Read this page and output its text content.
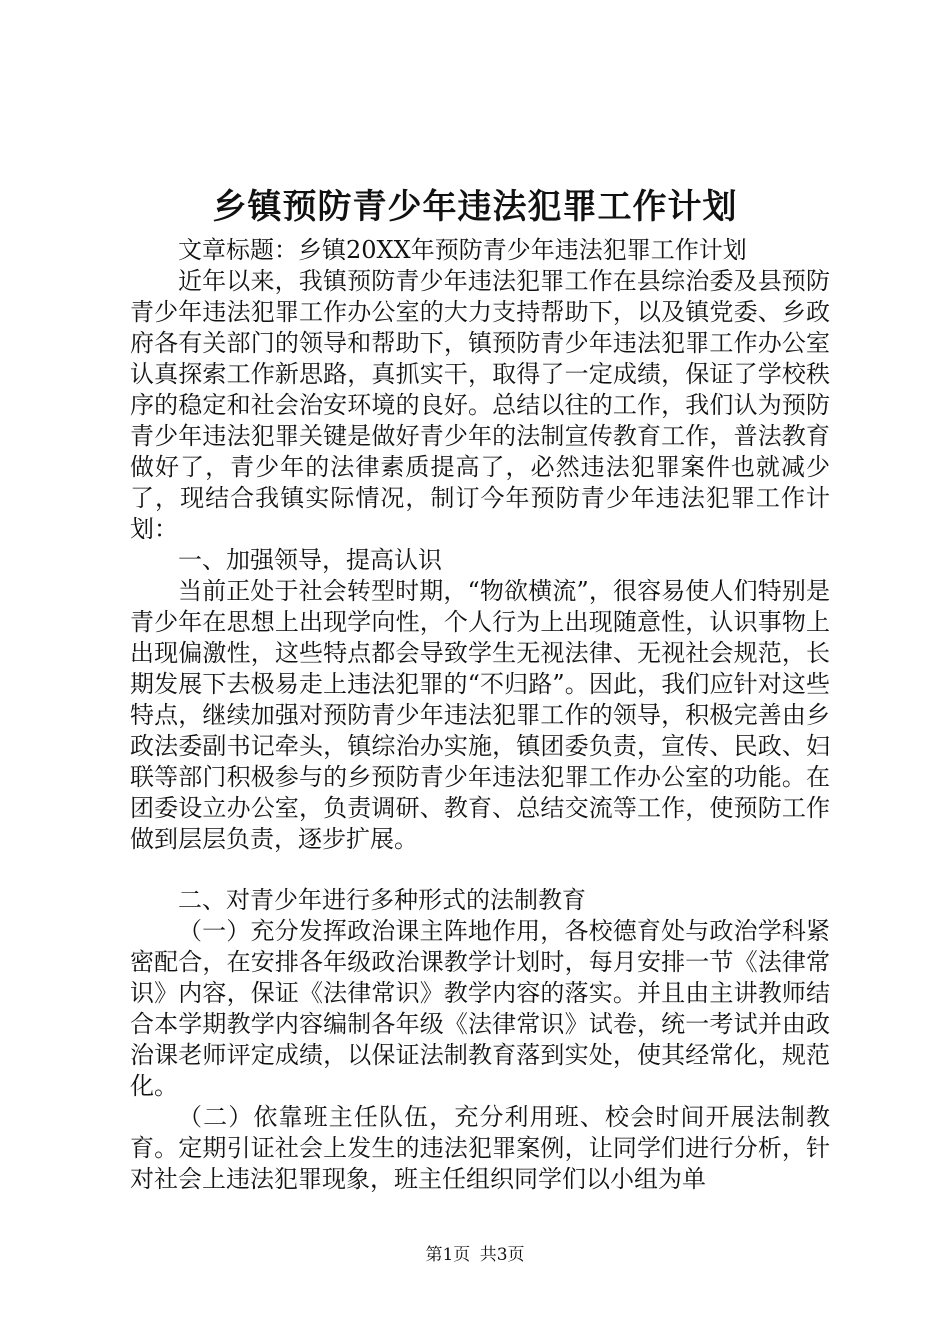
乡镇预防青少年违法犯罪工作计划

文章标题：乡镇20XX年预防青少年违法犯罪工作计划

近年以来，我镇预防青少年违法犯罪工作在县综治委及县预防青少年违法犯罪工作办公室的大力支持帮助下，以及镇党委、乡政府各有关部门的领导和帮助下，镇预防青少年违法犯罪工作办公室认真探索工作新思路，真抓实干，取得了一定成绩，保证了学校秩序的稳定和社会治安环境的良好。总结以往的工作，我们认为预防青少年违法犯罪关键是做好青少年的法制宣传教育工作，普法教育做好了，青少年的法律素质提高了，必然违法犯罪案件也就减少了，现结合我镇实际情况，制订今年预防青少年违法犯罪工作计划：

一、加强领导，提高认识

当前正处于社会转型时期，“物欲横流”，很容易使人们特别是青少年在思想上出现学向性，个人行为上出现随意性，认识事物上出现偏激性，这些特点都会导致学生无视法律、无视社会规范，长期发展下去极易走上违法犯罪的“不归路”。因此，我们应针对这些特点，继续加强对预防青少年违法犯罪工作的领导，积极完善由乡政法委副书记牵头，镇综治办实施，镇团委负责，宣传、民政、妇联等部门积极参与的乡预防青少年违法犯罪工作办公室的功能。在团委设立办公室，负责调研、教育、总结交流等工作，使预防工作做到层层负责，逐步扩展。

二、对青少年进行多种形式的法制教育

（一）充分发挥政治课主阵地作用，各校德育处与政治学科紧密配合，在安排各年级政治课教学计划时，每月安排一节《法律常识》内容，保证《法律常识》教学内容的落实。并且由主讲教师结合本学期教学内容编制各年级《法律常识》试卷，统一考试并由政治课老师评定成绩，以保证法制教育落到实处，使其经常化，规范化。

（二）依靠班主任队伍，充分利用班、校会时间开展法制教育。定期引证社会上发生的违法犯罪案例，让同学们进行分析，针对社会上违法犯罪现象，班主任组织同学们以小组为单

第1页 共3页
